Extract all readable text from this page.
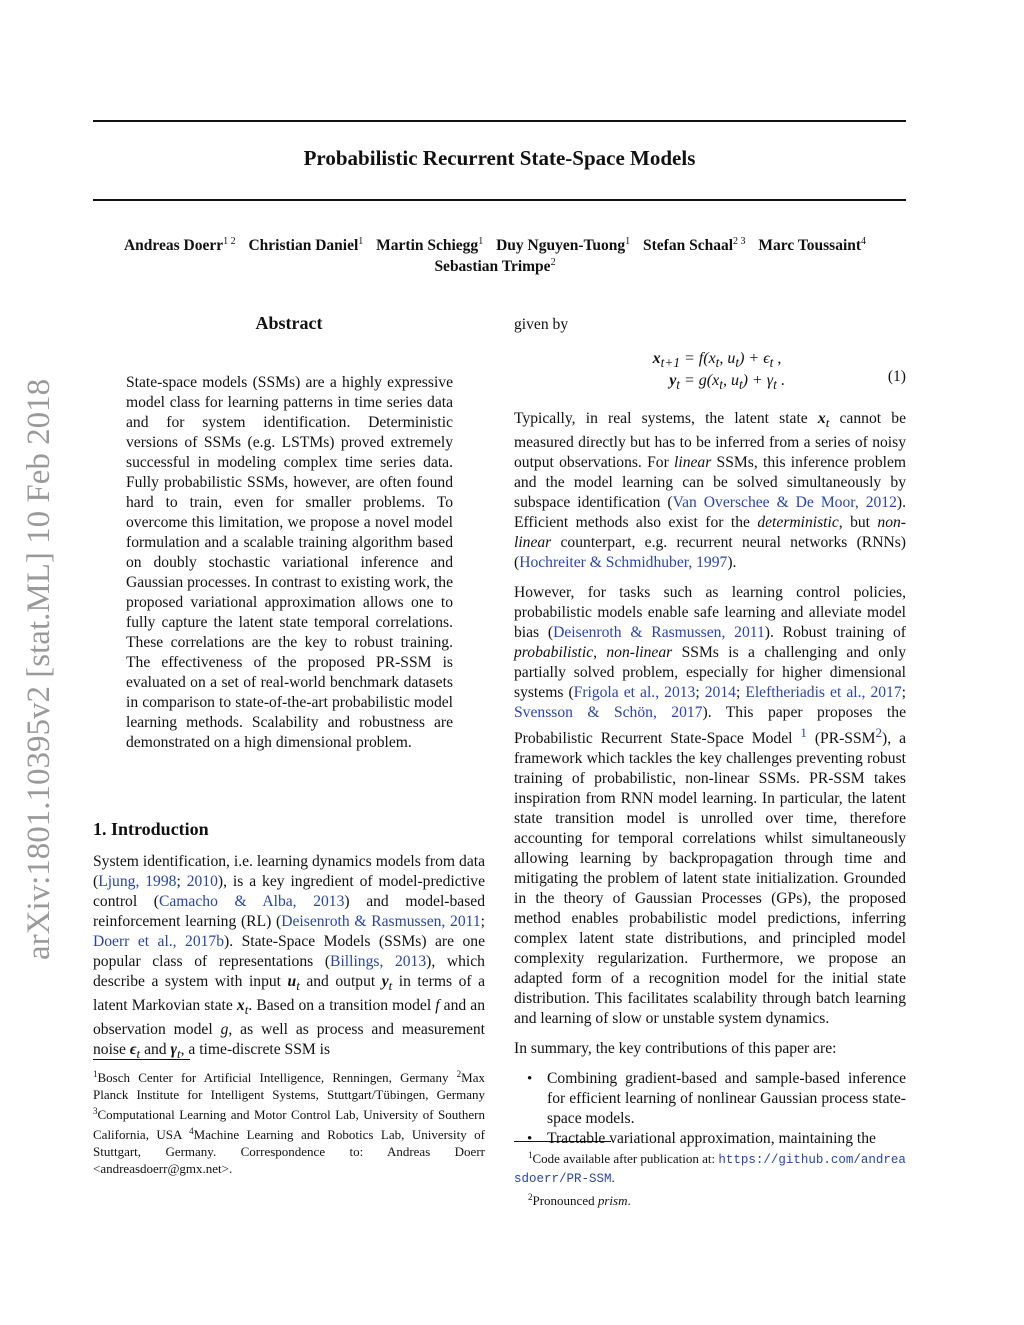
Probabilistic Recurrent State-Space Models
Andreas Doerr$^{1 2}$ Christian Daniel$^1$ Martin Schiegg$^1$ Duy Nguyen-Tuong$^1$ Stefan Schaal$^{2 3}$ Marc Toussaint$^4$
Sebastian Trimpe$^2$
arXiv:1801.10395v2 [stat.ML] 10 Feb 2018
Abstract
State-space models (SSMs) are a highly expressive model class for learning patterns in time series data and for system identification. Deterministic versions of SSMs (e.g. LSTMs) proved extremely successful in modeling complex time series data. Fully probabilistic SSMs, however, are often found hard to train, even for smaller problems. To overcome this limitation, we propose a novel model formulation and a scalable training algorithm based on doubly stochastic variational inference and Gaussian processes. In contrast to existing work, the proposed variational approximation allows one to fully capture the latent state temporal correlations. These correlations are the key to robust training. The effectiveness of the proposed PR-SSM is evaluated on a set of real-world benchmark datasets in comparison to state-of-the-art probabilistic model learning methods. Scalability and robustness are demonstrated on a high dimensional problem.
1. Introduction
System identification, i.e. learning dynamics models from data (Ljung, 1998; 2010), is a key ingredient of model-predictive control (Camacho & Alba, 2013) and model-based reinforcement learning (RL) (Deisenroth & Rasmussen, 2011; Doerr et al., 2017b). State-Space Models (SSMs) are one popular class of representations (Billings, 2013), which describe a system with input $u_t$ and output $y_t$ in terms of a latent Markovian state $x_t$. Based on a transition model f and an observation model g, as well as process and measurement noise $\epsilon_t$ and $\gamma_t$, a time-discrete SSM is
$^1$Bosch Center for Artificial Intelligence, Renningen, Germany $^2$Max Planck Institute for Intelligent Systems, Stuttgart/Tübingen, Germany $^3$Computational Learning and Motor Control Lab, University of Southern California, USA $^4$Machine Learning and Robotics Lab, University of Stuttgart, Germany. Correspondence to: Andreas Doerr <andreasdoerr@gmx.net>.
given by
$x_{t+1} = f(x_t$, $u_t) + \epsilon_t$ ,
$y_t = g(x_t$, $u_t) + \gamma_t$ .	(1)

Typically, in real systems, the latent state $x_t$ cannot be measured directly but has to be inferred from a series of noisy output observations. For linear SSMs, this inference problem and the model learning can be solved simultaneously by subspace identification (Van Overschee & De Moor, 2012). Efficient methods also exist for the deterministic, but non-linear counterpart, e.g. recurrent neural networks (RNNs) (Hochreiter & Schmidhuber, 1997).

However, for tasks such as learning control policies, probabilistic models enable safe learning and alleviate model bias (Deisenroth & Rasmussen, 2011). Robust training of probabilistic, non-linear SSMs is a challenging and only partially solved problem, especially for higher dimensional systems (Frigola et al., 2013; 2014; Eleftheriadis et al., 2017; Svensson & Schön, 2017). This paper proposes the Probabilistic Recurrent State-Space Model $^1$ (PR-SSM$^2$), a framework which tackles the key challenges preventing robust training of probabilistic, non-linear SSMs. PR-SSM takes inspiration from RNN model learning. In particular, the latent state transition model is unrolled over time, therefore accounting for temporal correlations whilst simultaneously allowing learning by backpropagation through time and mitigating the problem of latent state initialization. Grounded in the theory of Gaussian Processes (GPs), the proposed method enables probabilistic model predictions, inferring complex latent state distributions, and principled model complexity regularization. Furthermore, we propose an adapted form of a recognition model for the initial state distribution. This facilitates scalability through batch learning and learning of slow or unstable system dynamics.

In summary, the key contributions of this paper are:

• Combining gradient-based and sample-based inference for efficient learning of nonlinear Gaussian process state-space models.
• Tractable variational approximation, maintaining the
$^1$Code available after publication at: https://github.com/andreasdoerr/PR-SSM.
$^2$Pronounced prism.
